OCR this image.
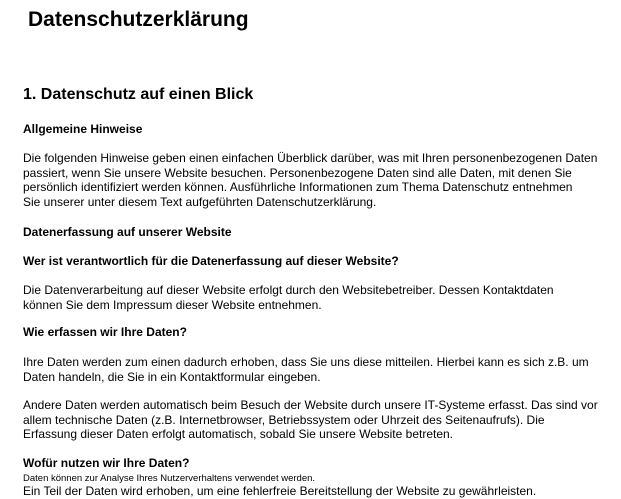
Datenschutzerklärung
1. Datenschutz auf einen Blick
Allgemeine Hinweise
Die folgenden Hinweise geben einen einfachen Überblick darüber, was mit Ihren personenbezogenen Daten
passiert, wenn Sie unsere Website besuchen. Personenbezogene Daten sind alle Daten, mit denen Sie
persönlich identifiziert werden können. Ausführliche Informationen zum Thema Datenschutz entnehmen
Sie unserer unter diesem Text aufgeführten Datenschutzerklärung.
Datenerfassung auf unserer Website
Wer ist verantwortlich für die Datenerfassung auf dieser Website?
Die Datenverarbeitung auf dieser Website erfolgt durch den Websitebetreiber. Dessen Kontaktdaten
können Sie dem Impressum dieser Website entnehmen.
Wie erfassen wir Ihre Daten?
Ihre Daten werden zum einen dadurch erhoben, dass Sie uns diese mitteilen. Hierbei kann es sich z.B. um
Daten handeln, die Sie in ein Kontaktformular eingeben.
Andere Daten werden automatisch beim Besuch der Website durch unsere IT-Systeme erfasst. Das sind vor
allem technische Daten (z.B. Internetbrowser, Betriebssystem oder Uhrzeit des Seitenaufrufs). Die
Erfassung dieser Daten erfolgt automatisch, sobald Sie unsere Website betreten.
Wofür nutzen wir Ihre Daten?
Daten können zur Analyse Ihres Nutzerverhaltens verwendet werden.
Ein Teil der Daten wird erhoben, um eine fehlerfreie Bereitstellung der Website zu gewährleisten.
